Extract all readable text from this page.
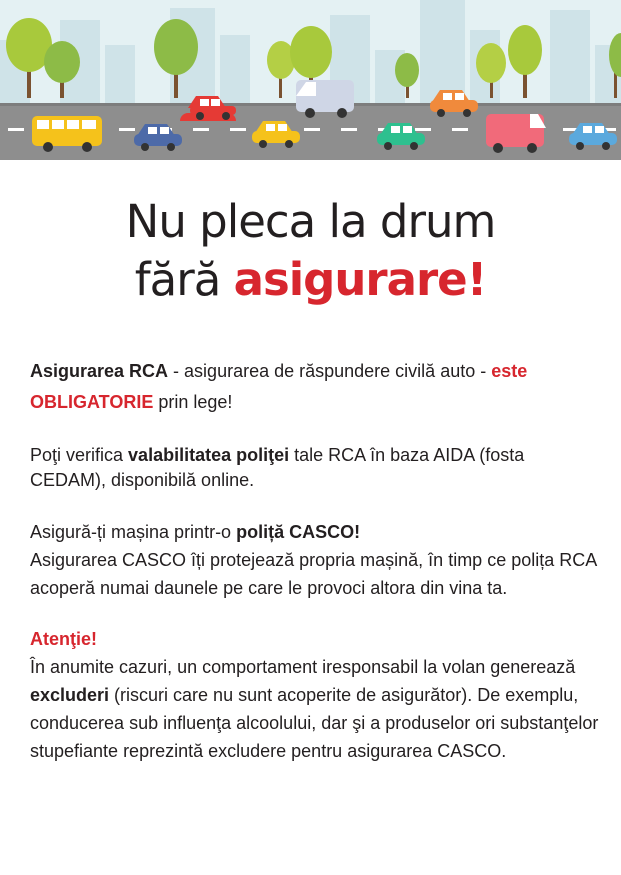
Nu pleca la drum
fără asigurare!

Asigurarea RCA - asigurarea de răspundere civilă auto - este
OBLIGATORIE prin lege!

Poţi verifica valabilitatea poliţei tale RCA în baza AIDA (fosta CEDAM), disponibilă online.

Asigură-ți mașina printr-o poliță CASCO!
Asigurarea CASCO îți protejează propria mașină, în timp ce polița RCA acoperă numai daunele pe care le provoci altora din vina ta.

Atenţie!
În anumite cazuri, un comportament iresponsabil la volan generează excluderi (riscuri care nu sunt acoperite de asigurător). De exemplu, conducerea sub influenţa alcoolului, dar şi a produselor ori substanţelor stupefiante reprezintă excludere pentru asigurarea CASCO.
